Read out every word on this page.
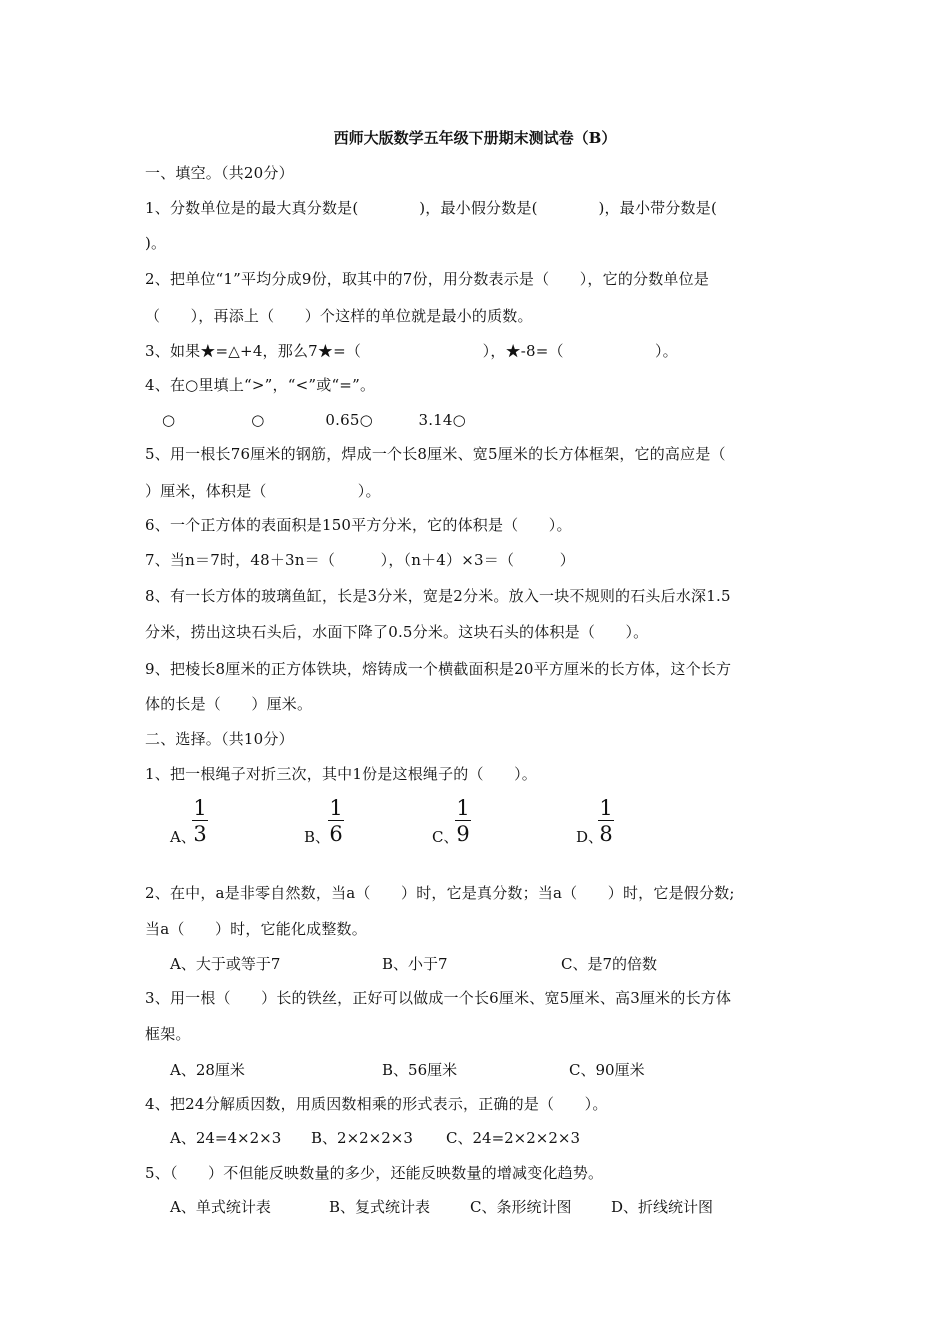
西师大版数学五年级下册期末测试卷（B）
一、填空。（共20分）
1、分数单位是的最大真分数是(　　　　)，最小假分数是(　　　　)，最小带分数是(
)。
2、把单位“1”平均分成9份，取其中的7份，用分数表示是（　　），它的分数单位是
（　　），再添上（　　）个这样的单位就是最小的质数。
3、如果★=△+4，那么7★=（　　　　　　　　），★-8=（　　　　　　）。
4、在○里填上“>”，“<”或“=”。
○　　　　　○　　　　0.65○　　　3.14○
5、用一根长76厘米的钢筋，焊成一个长8厘米、宽5厘米的长方体框架，它的高应是（
）厘米，体积是（　　　　　　）。
6、一个正方体的表面积是150平方分米，它的体积是（　　）。
7、当n＝7时，48＋3n＝（　　　），（n＋4）×3＝（　　　）
8、有一长方体的玻璃鱼缸，长是3分米，宽是2分米。放入一块不规则的石头后水深1.5
分米，捞出这块石头后，水面下降了0.5分米。这块石头的体积是（　　）。
9、把棱长8厘米的正方体铁块，熔铸成一个横截面积是20平方厘米的长方体，这个长方
体的长是（　　）厘米。
二、选择。（共10分）
1、把一根绳子对折三次，其中1份是这根绳子的（　　）。
A、
1
3	B、
1
6	C、
1
9	D、
1
8
2、在中，a是非零自然数，当a（　　）时，它是真分数；当a（　　）时，它是假分数;
当a（　　）时，它能化成整数。
A、大于或等于7	B、小于7	C、是7的倍数
3、用一根（　　）长的铁丝，正好可以做成一个长6厘米、宽5厘米、高3厘米的长方体
框架。
A、28厘米	B、56厘米	C、90厘米
4、把24分解质因数，用质因数相乘的形式表示，正确的是（　　）。
A、24=4×2×3 B、2×2×2×3 C、24=2×2×2×3
5、（　　）不但能反映数量的多少，还能反映数量的增减变化趋势。
A、单式统计表	B、复式统计表	C、条形统计图	D、折线统计图
